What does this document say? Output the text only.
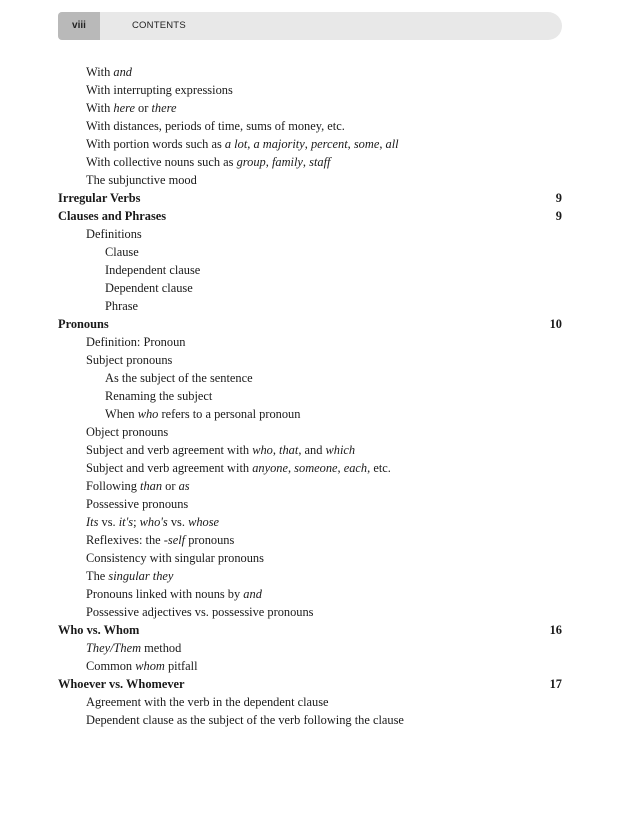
viii	CONTENTS
With and
With interrupting expressions
With here or there
With distances, periods of time, sums of money, etc.
With portion words such as a lot, a majority, percent, some, all
With collective nouns such as group, family, staff
The subjunctive mood
Irregular Verbs	9
Clauses and Phrases	9
Definitions
Clause
Independent clause
Dependent clause
Phrase
Pronouns	10
Definition: Pronoun
Subject pronouns
As the subject of the sentence
Renaming the subject
When who refers to a personal pronoun
Object pronouns
Subject and verb agreement with who, that, and which
Subject and verb agreement with anyone, someone, each, etc.
Following than or as
Possessive pronouns
Its vs. it's; who's vs. whose
Reflexives: the -self pronouns
Consistency with singular pronouns
The singular they
Pronouns linked with nouns by and
Possessive adjectives vs. possessive pronouns
Who vs. Whom	16
They/Them method
Common whom pitfall
Whoever vs. Whomever	17
Agreement with the verb in the dependent clause
Dependent clause as the subject of the verb following the clause
